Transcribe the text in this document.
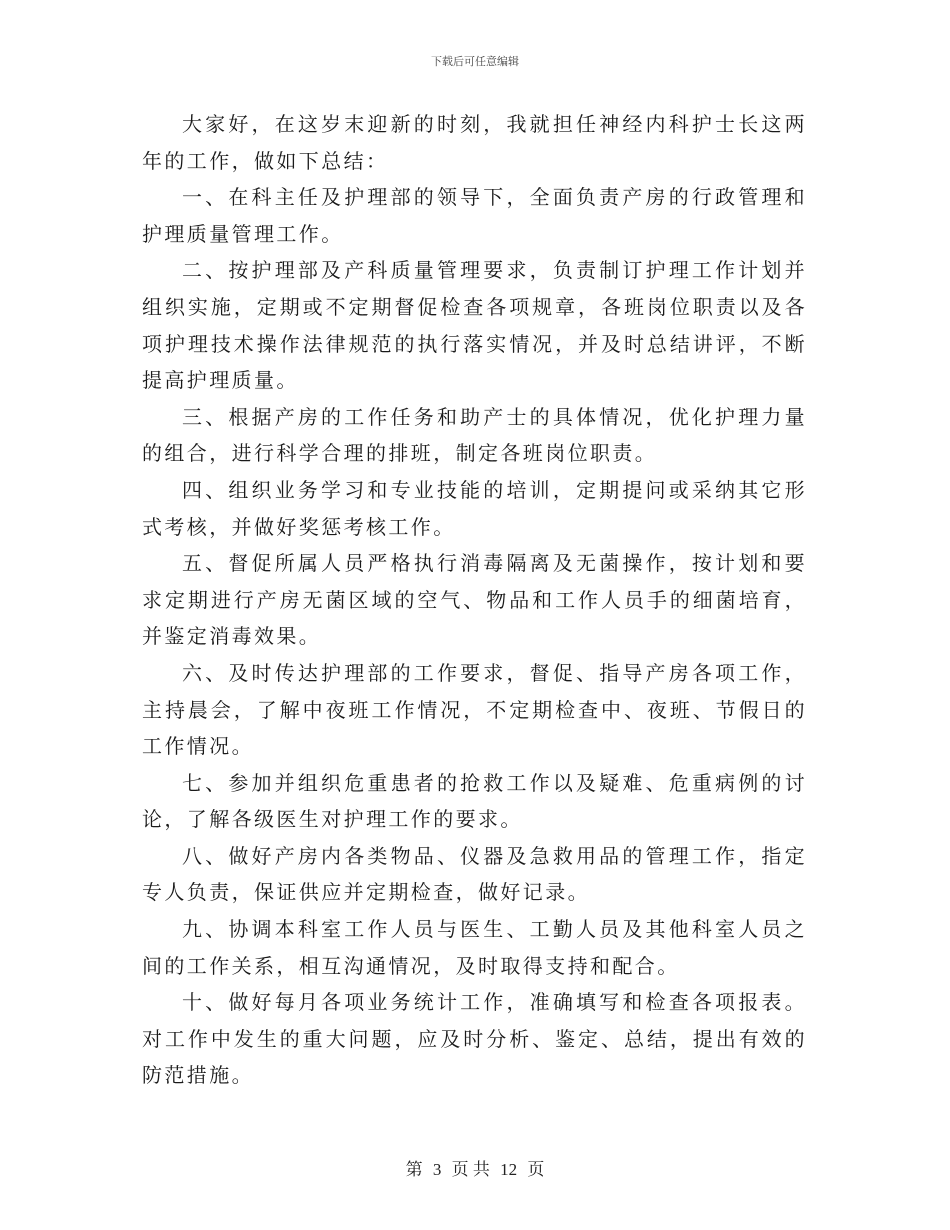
下载后可任意编辑

大家好，在这岁末迎新的时刻，我就担任神经内科护士长这两年的工作，做如下总结：

一、在科主任及护理部的领导下，全面负责产房的行政管理和护理质量管理工作。

二、按护理部及产科质量管理要求，负责制订护理工作计划并组织实施，定期或不定期督促检查各项规章，各班岗位职责以及各项护理技术操作法律规范的执行落实情况，并及时总结讲评，不断提高护理质量。

三、根据产房的工作任务和助产士的具体情况，优化护理力量的组合，进行科学合理的排班，制定各班岗位职责。

四、组织业务学习和专业技能的培训，定期提问或采纳其它形式考核，并做好奖惩考核工作。

五、督促所属人员严格执行消毒隔离及无菌操作，按计划和要求定期进行产房无菌区域的空气、物品和工作人员手的细菌培育，并鉴定消毒效果。

六、及时传达护理部的工作要求，督促、指导产房各项工作，主持晨会，了解中夜班工作情况，不定期检查中、夜班、节假日的工作情况。

七、参加并组织危重患者的抢救工作以及疑难、危重病例的讨论，了解各级医生对护理工作的要求。

八、做好产房内各类物品、仪器及急救用品的管理工作，指定专人负责，保证供应并定期检查，做好记录。

九、协调本科室工作人员与医生、工勤人员及其他科室人员之间的工作关系，相互沟通情况，及时取得支持和配合。

十、做好每月各项业务统计工作，准确填写和检查各项报表。对工作中发生的重大问题，应及时分析、鉴定、总结，提出有效的防范措施。

第 3 页 共 12 页
